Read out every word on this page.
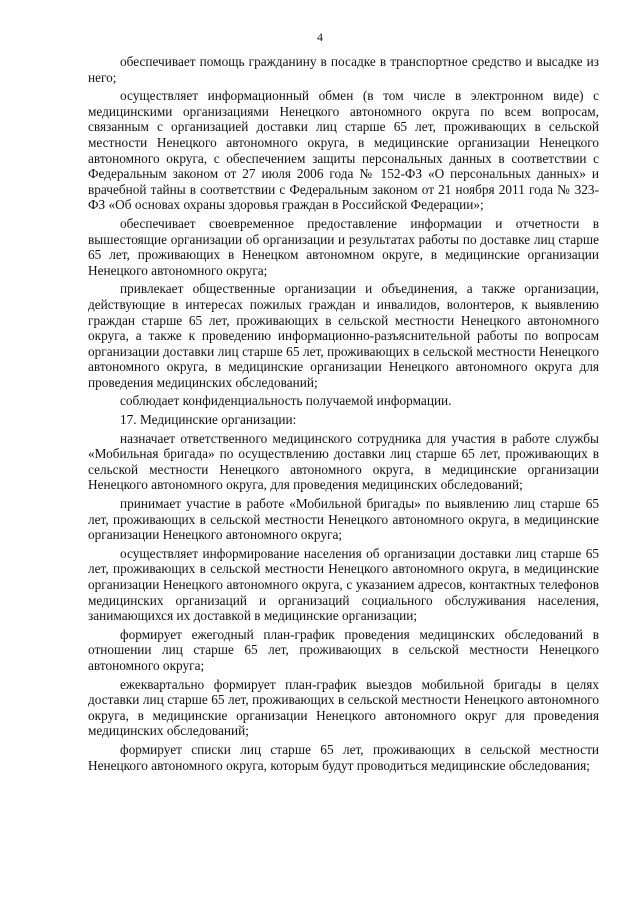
4

обеспечивает помощь гражданину в посадке в транспортное средство и высадке из него;

осуществляет информационный обмен (в том числе в электронном виде) с медицинскими организациями Ненецкого автономного округа по всем вопросам, связанным с организацией доставки лиц старше 65 лет, проживающих в сельской местности Ненецкого автономного округа, в медицинские организации Ненецкого автономного округа, с обеспечением защиты персональных данных в соответствии с Федеральным законом от 27 июля 2006 года № 152-ФЗ «О персональных данных» и врачебной тайны в соответствии с Федеральным законом от 21 ноября 2011 года № 323-ФЗ «Об основах охраны здоровья граждан в Российской Федерации»;

обеспечивает своевременное предоставление информации и отчетности в вышестоящие организации об организации и результатах работы по доставке лиц старше 65 лет, проживающих в Ненецком автономном округе, в медицинские организации Ненецкого автономного округа;

привлекает общественные организации и объединения, а также организации, действующие в интересах пожилых граждан и инвалидов, волонтеров, к выявлению граждан старше 65 лет, проживающих в сельской местности Ненецкого автономного округа, а также к проведению информационно-разъяснительной работы по вопросам организации доставки лиц старше 65 лет, проживающих в сельской местности Ненецкого автономного округа, в медицинские организации Ненецкого автономного округа для проведения медицинских обследований;

соблюдает конфиденциальность получаемой информации.

17. Медицинские организации:

назначает ответственного медицинского сотрудника для участия в работе службы «Мобильная бригада» по осуществлению доставки лиц старше 65 лет, проживающих в сельской местности Ненецкого автономного округа, в медицинские организации Ненецкого автономного округа, для проведения медицинских обследований;

принимает участие в работе «Мобильной бригады» по выявлению лиц старше 65 лет, проживающих в сельской местности Ненецкого автономного округа, в медицинские организации Ненецкого автономного округа;

осуществляет информирование населения об организации доставки лиц старше 65 лет, проживающих в сельской местности Ненецкого автономного округа, в медицинские организации Ненецкого автономного округа, с указанием адресов, контактных телефонов медицинских организаций и организаций социального обслуживания населения, занимающихся их доставкой в медицинские организации;

формирует ежегодный план-график проведения медицинских обследований в отношении лиц старше 65 лет, проживающих в сельской местности Ненецкого автономного округа;

ежеквартально формирует план-график выездов мобильной бригады в целях доставки лиц старше 65 лет, проживающих в сельской местности Ненецкого автономного округа, в медицинские организации Ненецкого автономного округ для проведения медицинских обследований;

формирует списки лиц старше 65 лет, проживающих в сельской местности Ненецкого автономного округа, которым будут проводиться медицинские обследования;
